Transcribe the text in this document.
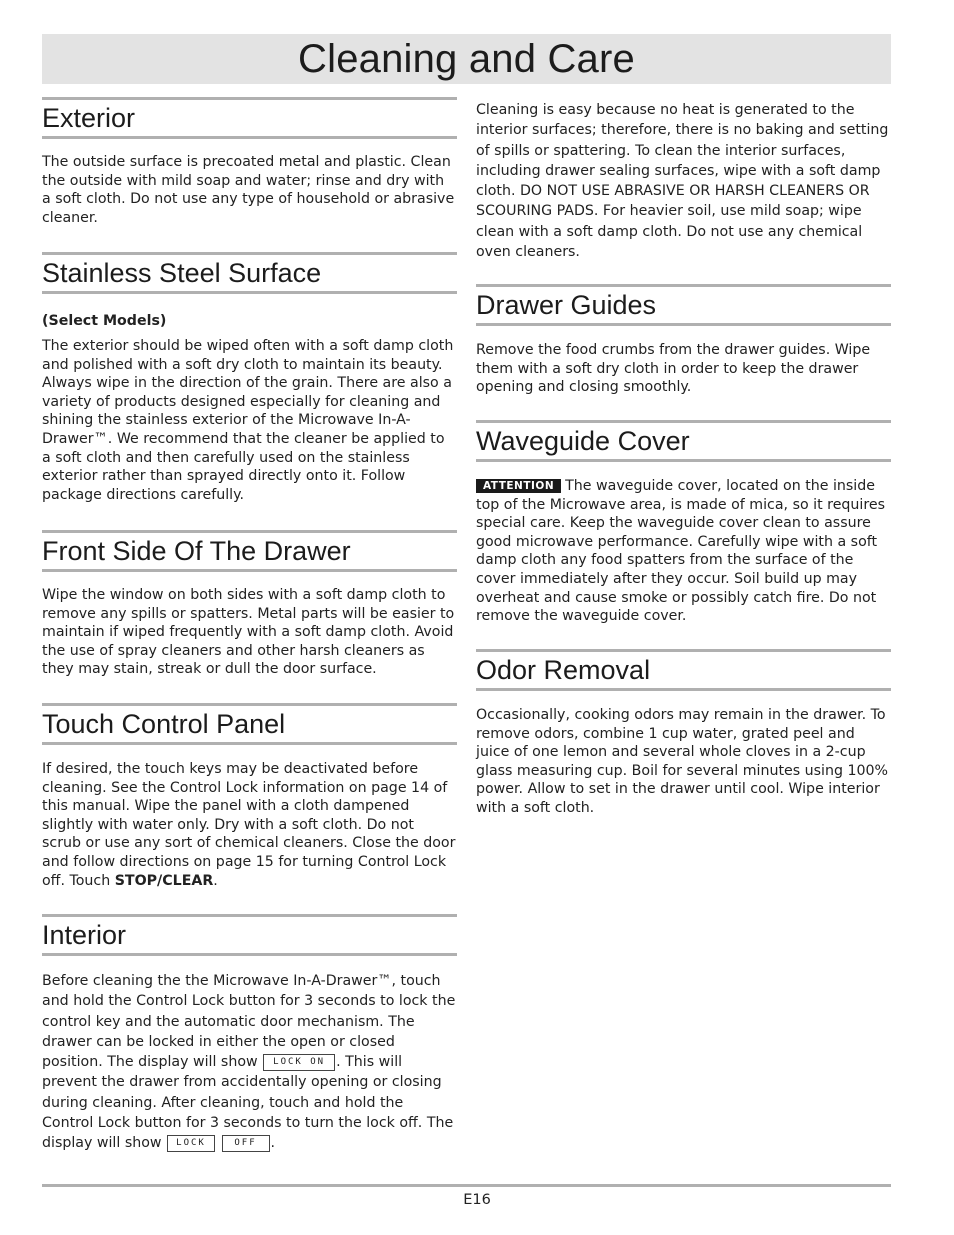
Cleaning and Care
Exterior

The outside surface is precoated metal and plastic. Clean the outside with mild soap and water; rinse and dry with a soft cloth. Do not use any type of household or abrasive cleaner.

Stainless Steel Surface

(Select Models)

The exterior should be wiped often with a soft damp cloth and polished with a soft dry cloth to maintain its beauty. Always wipe in the direction of the grain. There are also a variety of products designed especially for cleaning and shining the stainless exterior of the Microwave In-A-Drawer™. We recommend that the cleaner be applied to a soft cloth and then carefully used on the stainless exterior rather than sprayed directly onto it. Follow package directions carefully.

Front Side Of The Drawer

Wipe the window on both sides with a soft damp cloth to remove any spills or spatters. Metal parts will be easier to maintain if wiped frequently with a soft damp cloth. Avoid the use of spray cleaners and other harsh cleaners as they may stain, streak or dull the door surface.

Touch Control Panel

If desired, the touch keys may be deactivated before cleaning. See the Control Lock information on page 14 of this manual. Wipe the panel with a cloth dampened slightly with water only. Dry with a soft cloth. Do not scrub or use any sort of chemical cleaners. Close the door and follow directions on page 15 for turning Control Lock off. Touch STOP/CLEAR.

Interior

Before cleaning the the Microwave In-A-Drawer™, touch and hold the Control Lock button for 3 seconds to lock the control key and the automatic door mechanism. The drawer can be locked in either the open or closed position. The display will show LOCK ON . This will prevent the drawer from accidentally opening or closing during cleaning. After cleaning, touch and hold the Control Lock button for 3 seconds to turn the lock off. The display will show LOCK	OFF .

Cleaning is easy because no heat is generated to the interior surfaces; therefore, there is no baking and setting of spills or spattering. To clean the interior surfaces, including drawer sealing surfaces, wipe with a soft damp cloth. DO NOT USE ABRASIVE OR HARSH CLEANERS OR SCOURING PADS. For heavier soil, use mild soap; wipe clean with a soft damp cloth. Do not use any chemical oven cleaners.

Drawer Guides

Remove the food crumbs from the drawer guides. Wipe them with a soft dry cloth in order to keep the drawer opening and closing smoothly.

Waveguide Cover

ATTENTION The waveguide cover, located on the inside top of the Microwave area, is made of mica, so it requires special care. Keep the waveguide cover clean to assure good microwave performance. Carefully wipe with a soft damp cloth any food spatters from the surface of the cover immediately after they occur. Soil build up may overheat and cause smoke or possibly catch fire. Do not remove the waveguide cover.

Odor Removal

Occasionally, cooking odors may remain in the drawer. To remove odors, combine 1 cup water, grated peel and juice of one lemon and several whole cloves in a 2-cup glass measuring cup. Boil for several minutes using 100% power. Allow to set in the drawer until cool. Wipe interior with a soft cloth.

E16
